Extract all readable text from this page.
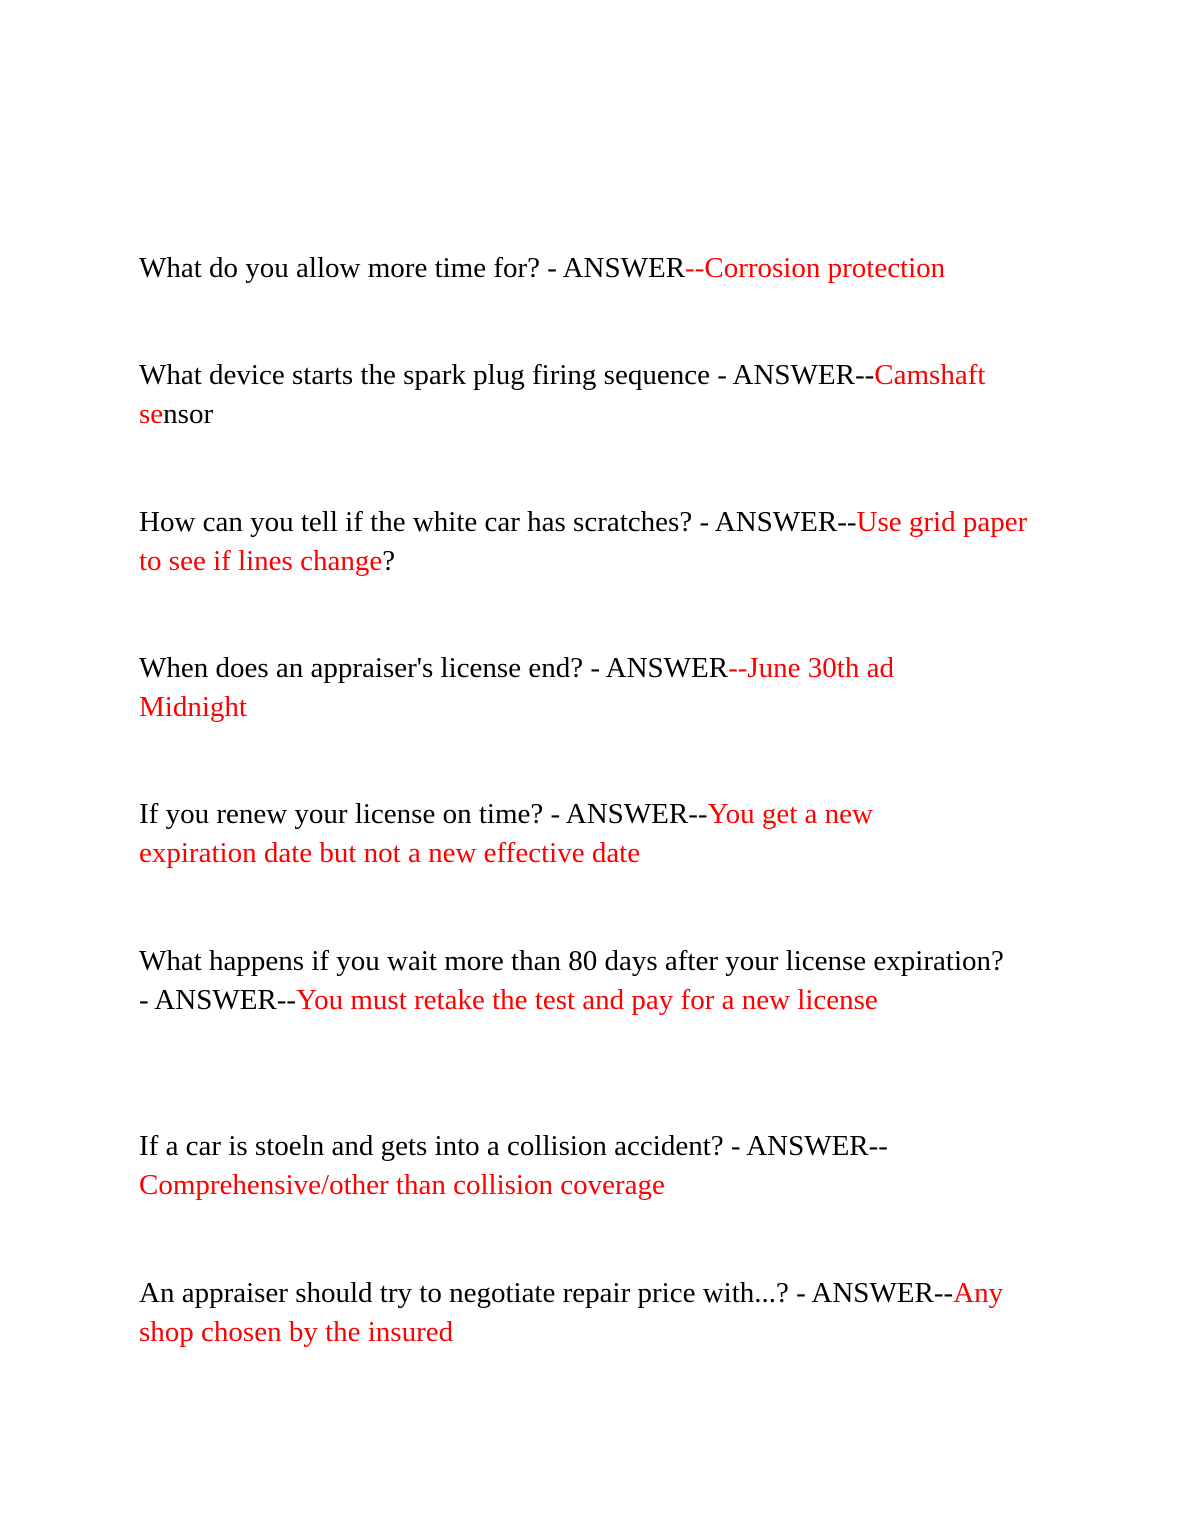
What do you allow more time for? - ANSWER--Corrosion protection

What device starts the spark plug firing sequence - ANSWER--Camshaft sensor

How can you tell if the white car has scratches? - ANSWER--Use grid paper to see if lines change?

When does an appraiser's license end? - ANSWER--June 30th ad Midnight

If you renew your license on time? - ANSWER--You get a new expiration date but not a new effective date

What happens if you wait more than 80 days after your license expiration? - ANSWER--You must retake the test and pay for a new license

If a car is stoeln and gets into a collision accident? - ANSWER--Comprehensive/other than collision coverage

An appraiser should try to negotiate repair price with...? - ANSWER--Any shop chosen by the insured
